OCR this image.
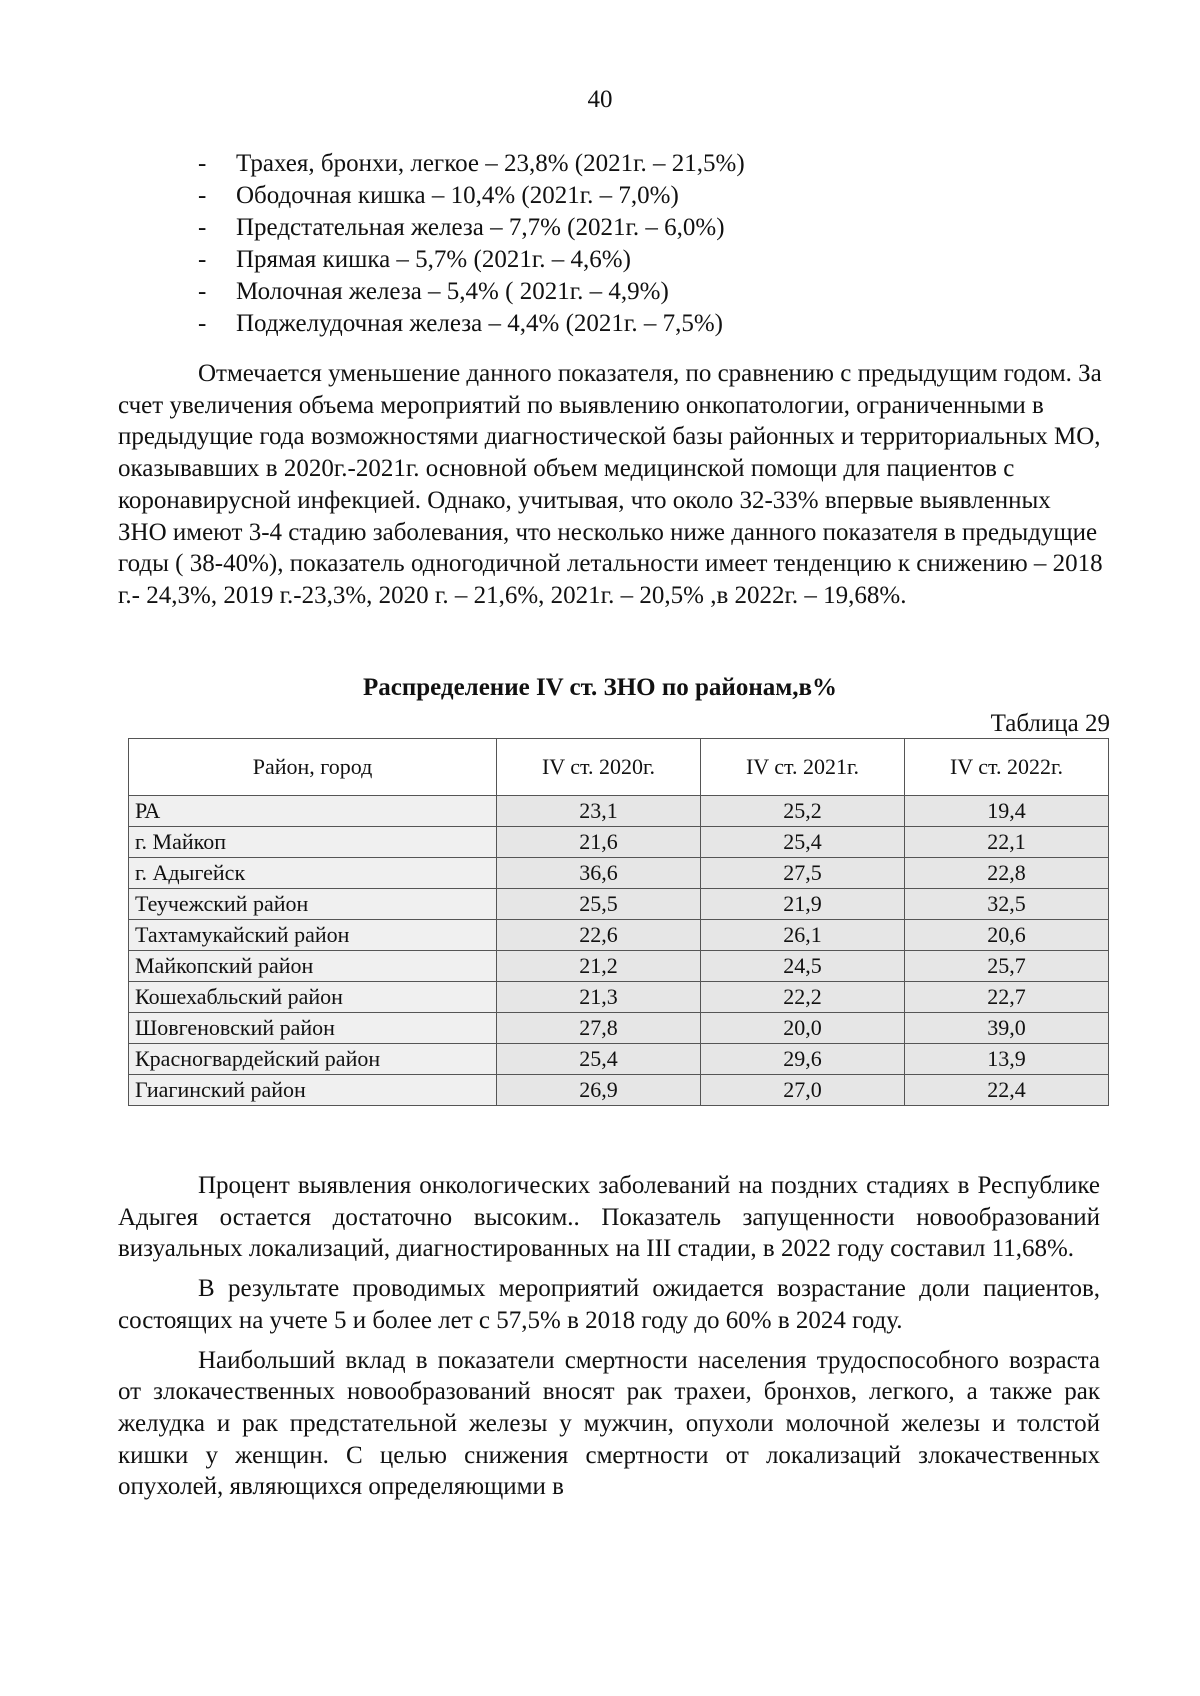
40
- Трахея, бронхи, легкое – 23,8% (2021г. – 21,5%)
- Ободочная кишка – 10,4% (2021г. – 7,0%)
- Предстательная железа – 7,7% (2021г. – 6,0%)
- Прямая кишка – 5,7% (2021г. – 4,6%)
- Молочная железа – 5,4% ( 2021г. – 4,9%)
- Поджелудочная железа – 4,4% (2021г. – 7,5%)

Отмечается уменьшение данного показателя, по сравнению с предыдущим годом. За счет увеличения объема мероприятий по выявлению онкопатологии, ограниченными в предыдущие года возможностями диагностической базы районных и территориальных МО, оказывавших в 2020г.-2021г. основной объем медицинской помощи для пациентов с коронавирусной инфекцией. Однако, учитывая, что около 32-33% впервые выявленных ЗНО имеют 3-4 стадию заболевания, что несколько ниже данного показателя в предыдущие годы ( 38-40%), показатель одногодичной летальности имеет тенденцию к снижению – 2018 г.- 24,3%, 2019 г.-23,3%, 2020 г. – 21,6%, 2021г. – 20,5% ,в 2022г. – 19,68%.

Распределение IV ст. ЗНО по районам,в%

Таблица 29
Район, город	IV ст. 2020г.	IV ст. 2021г.	IV ст. 2022г.
РА	23,1	25,2	19,4
г. Майкоп	21,6	25,4	22,1
г. Адыгейск	36,6	27,5	22,8
Теучежский район	25,5	21,9	32,5
Тахтамукайский район	22,6	26,1	20,6
Майкопский район	21,2	24,5	25,7
Кошехабльский район	21,3	22,2	22,7
Шовгеновский район	27,8	20,0	39,0
Красногвардейский район	25,4	29,6	13,9
Гиагинский район	26,9	27,0	22,4

Процент выявления онкологических заболеваний на поздних стадиях в Республике Адыгея остается достаточно высоким.. Показатель запущенности новообразований визуальных локализаций, диагностированных на III стадии, в 2022 году составил 11,68%.

В результате проводимых мероприятий ожидается возрастание доли пациентов, состоящих на учете 5 и более лет с 57,5% в 2018 году до 60% в 2024 году.

Наибольший вклад в показатели смертности населения трудоспособного возраста от злокачественных новообразований вносят рак трахеи, бронхов, легкого, а также рак желудка и рак предстательной железы у мужчин, опухоли молочной железы и толстой кишки у женщин. С целью снижения смертности от локализаций злокачественных опухолей, являющихся определяющими в
